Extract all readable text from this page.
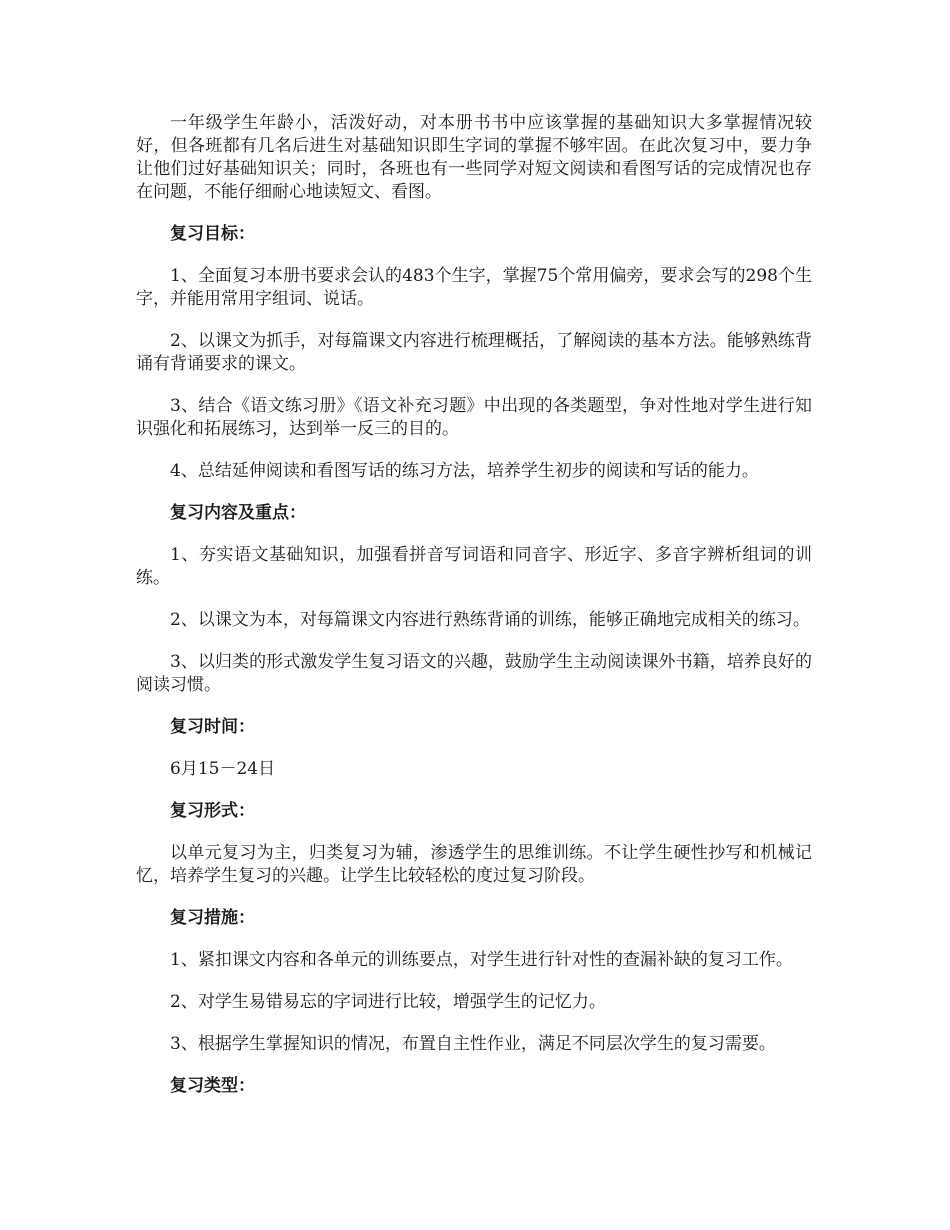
一年级学生年龄小，活泼好动，对本册书书中应该掌握的基础知识大多掌握情况较好，但各班都有几名后进生对基础知识即生字词的掌握不够牢固。在此次复习中，要力争让他们过好基础知识关；同时，各班也有一些同学对短文阅读和看图写话的完成情况也存在问题，不能仔细耐心地读短文、看图。

复习目标：

1、全面复习本册书要求会认的483个生字，掌握75个常用偏旁，要求会写的298个生字，并能用常用字组词、说话。

2、以课文为抓手，对每篇课文内容进行梳理概括，了解阅读的基本方法。能够熟练背诵有背诵要求的课文。

3、结合《语文练习册》《语文补充习题》中出现的各类题型，争对性地对学生进行知识强化和拓展练习，达到举一反三的目的。

4、总结延伸阅读和看图写话的练习方法，培养学生初步的阅读和写话的能力。

复习内容及重点：

1、夯实语文基础知识，加强看拼音写词语和同音字、形近字、多音字辨析组词的训练。

2、以课文为本，对每篇课文内容进行熟练背诵的训练，能够正确地完成相关的练习。

3、以归类的形式激发学生复习语文的兴趣，鼓励学生主动阅读课外书籍，培养良好的阅读习惯。

复习时间：

6月15－24日

复习形式：

以单元复习为主，归类复习为辅，渗透学生的思维训练。不让学生硬性抄写和机械记忆，培养学生复习的兴趣。让学生比较轻松的度过复习阶段。

复习措施：

1、紧扣课文内容和各单元的训练要点，对学生进行针对性的查漏补缺的复习工作。

2、对学生易错易忘的字词进行比较，增强学生的记忆力。

3、根据学生掌握知识的情况，布置自主性作业，满足不同层次学生的复习需要。

复习类型：
